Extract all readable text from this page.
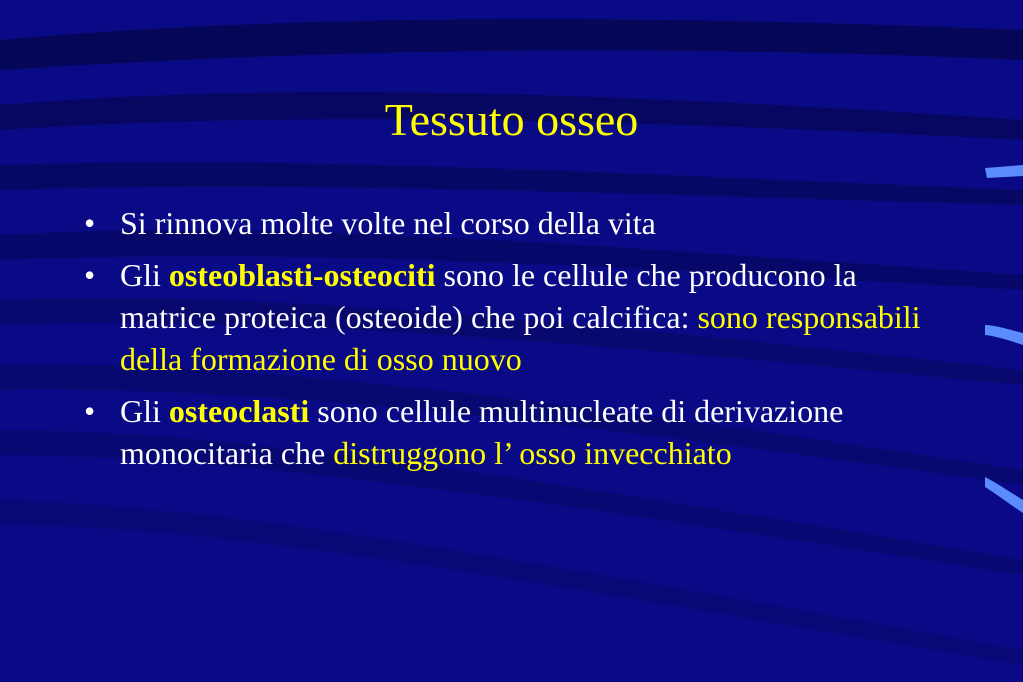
Tessuto osseo
• Si rinnova molte volte nel corso della vita
• Gli osteoblasti-osteociti sono le cellule che producono la matrice proteica (osteoide) che poi calcifica: sono responsabili della formazione di osso nuovo
• Gli osteoclasti sono cellule multinucleate di derivazione monocitaria che distruggono l’ osso invecchiato
